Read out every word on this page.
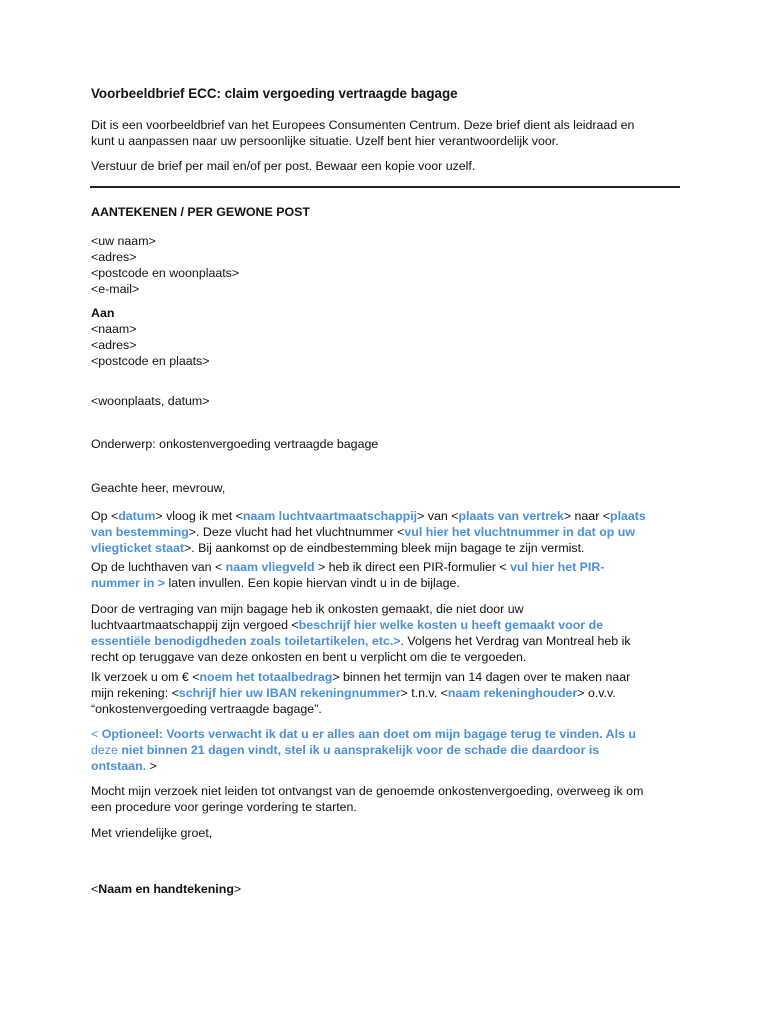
Voorbeeldbrief ECC: claim vergoeding vertraagde bagage
Dit is een voorbeeldbrief van het Europees Consumenten Centrum. Deze brief dient als leidraad en
kunt u aanpassen naar uw persoonlijke situatie. Uzelf bent hier verantwoordelijk voor.
Verstuur de brief per mail en/of per post. Bewaar een kopie voor uzelf.
AANTEKENEN / PER GEWONE POST
<uw naam>
<adres>
<postcode en woonplaats>
<e-mail>
Aan
<naam>
<adres>
<postcode en plaats>
<woonplaats, datum>
Onderwerp: onkostenvergoeding vertraagde bagage
Geachte heer, mevrouw,
Op <datum> vloog ik met <naam luchtvaartmaatschappij> van <plaats van vertrek> naar <plaats
van bestemming>. Deze vlucht had het vluchtnummer <vul hier het vluchtnummer in dat op uw
vliegticket staat>. Bij aankomst op de eindbestemming bleek mijn bagage te zijn vermist.
Op de luchthaven van < naam vliegveld > heb ik direct een PIR-formulier < vul hier het PIR-
nummer in > laten invullen. Een kopie hiervan vindt u in de bijlage.
Door de vertraging van mijn bagage heb ik onkosten gemaakt, die niet door uw
luchtvaartmaatschappij zijn vergoed <beschrijf hier welke kosten u heeft gemaakt voor de
essentiële benodigdheden zoals toiletartikelen, etc.>. Volgens het Verdrag van Montreal heb ik
recht op teruggave van deze onkosten en bent u verplicht om die te vergoeden.
Ik verzoek u om € <noem het totaalbedrag> binnen het termijn van 14 dagen over te maken naar
mijn rekening: <schrijf hier uw IBAN rekeningnummer> t.n.v. <naam rekeninghouder> o.v.v.
“onkostenvergoeding vertraagde bagage”.
< Optioneel: Voorts verwacht ik dat u er alles aan doet om mijn bagage terug te vinden. Als u
deze niet binnen 21 dagen vindt, stel ik u aansprakelijk voor de schade die daardoor is
ontstaan. >
Mocht mijn verzoek niet leiden tot ontvangst van de genoemde onkostenvergoeding, overweeg ik om
een procedure voor geringe vordering te starten.
Met vriendelijke groet,
<Naam en handtekening>
